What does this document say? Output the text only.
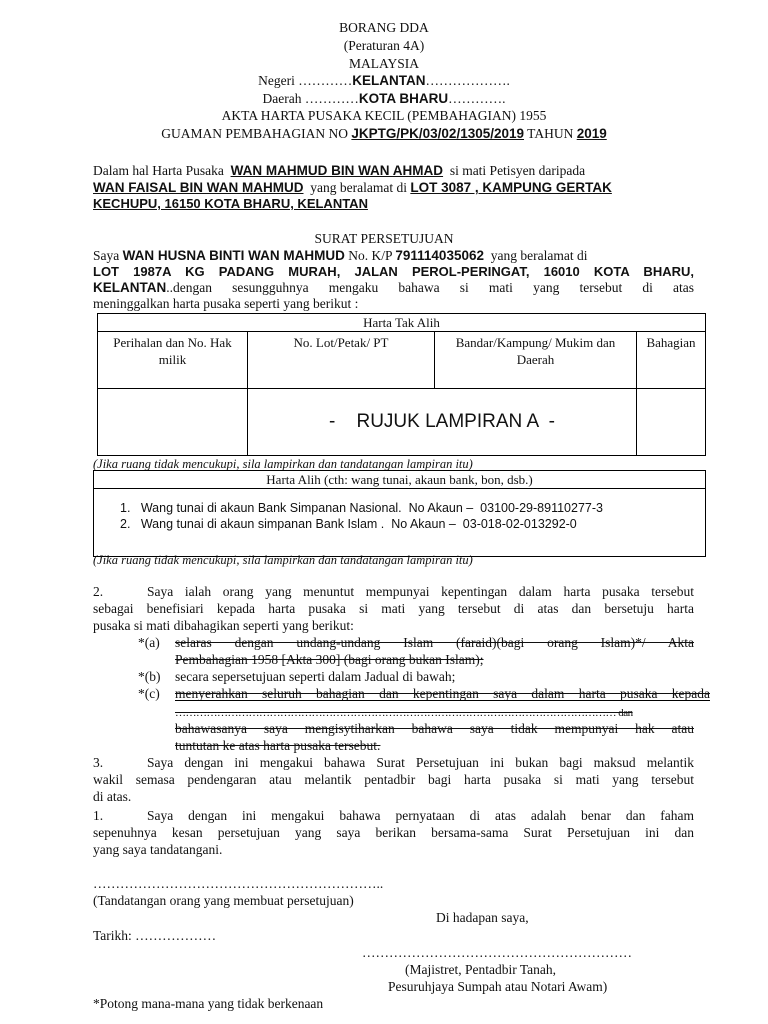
BORANG DDA
(Peraturan 4A)
MALAYSIA
Negeri …………KELANTAN……………….
Daerah …………KOTA BHARU………….
AKTA HARTA PUSAKA KECIL (PEMBAHAGIAN) 1955
GUAMAN PEMBAHAGIAN NO JKPTG/PK/03/02/1305/2019 TAHUN 2019
Dalam hal Harta Pusaka WAN MAHMUD BIN WAN AHMAD si mati Petisyen daripada
WAN FAISAL BIN WAN MAHMUD yang beralamat di LOT 3087 , KAMPUNG GERTAK
KECHUPU, 16150 KOTA BHARU, KELANTAN
SURAT PERSETUJUAN
Saya WAN HUSNA BINTI WAN MAHMUD No. K/P 791114035062 yang beralamat di
LOT 1987A KG PADANG MURAH, JALAN PEROL-PERINGAT, 16010 KOTA BHARU,
KELANTAN..dengan sesungguhnya mengaku bahawa si mati yang tersebut di atas
meninggalkan harta pusaka seperti yang berikut :
Harta Tak Alih			
Perihalan dan No. Hak milik	No. Lot/Petak/ PT	Bandar/Kampung/ Mukim dan Daerah	Bahagian
	-    RUJUK LAMPIRAN A  -		
(Jika ruang tidak mencukupi, sila lampirkan dan tandatangan lampiran itu)
Harta Alih (cth: wang tunai, akaun bank, bon, dsb.)

1.   Wang tunai di akaun Bank Simpanan Nasional.  No Akaun –  03100-29-89110277-3
2.   Wang tunai di akaun simpanan Bank Islam .  No Akaun –  03-018-02-013292-0
(Jika ruang tidak mencukupi, sila lampirkan dan tandatangan lampiran itu)
2.	Saya ialah orang yang menuntut mempunyai kepentingan dalam harta pusaka tersebut
sebagai benefisiari kepada harta pusaka si mati yang tersebut di atas dan bersetuju harta
pusaka si mati dibahagikan seperti yang berikut:
*(a) selaras dengan undang-undang Islam (faraid)(bagi orang Islam)*/ Akta
Pembahagian 1958 [Akta 300] (bagi orang bukan Islam);
*(b) secara sepersetujuan seperti dalam Jadual di bawah;
*(c) menyerahkan seluruh bahagian dan kepentingan saya dalam harta pusaka kepada
……………………………………………………………………………………………………………… dan
bahawasanya saya mengisytiharkan bahawa saya tidak mempunyai hak atau
tuntutan ke atas harta pusaka tersebut.
3.	Saya dengan ini mengakui bahawa Surat Persetujuan ini bukan bagi maksud melantik
wakil semasa pendengaran atau melantik pentadbir bagi harta pusaka si mati yang tersebut
di atas.
1.	Saya dengan ini mengakui bahawa pernyataan di atas adalah benar dan faham
sepenuhnya kesan persetujuan yang saya berikan bersama-sama Surat Persetujuan ini dan
yang saya tandatangani.
………………………………………………………..
(Tandatangan orang yang membuat persetujuan)
Di hadapan saya,
Tarikh: ………………
……………………………………………………
(Majistret, Pentadbir Tanah,
Pesuruhjaya Sumpah atau Notari Awam)
*Potong mana-mana yang tidak berkenaan
